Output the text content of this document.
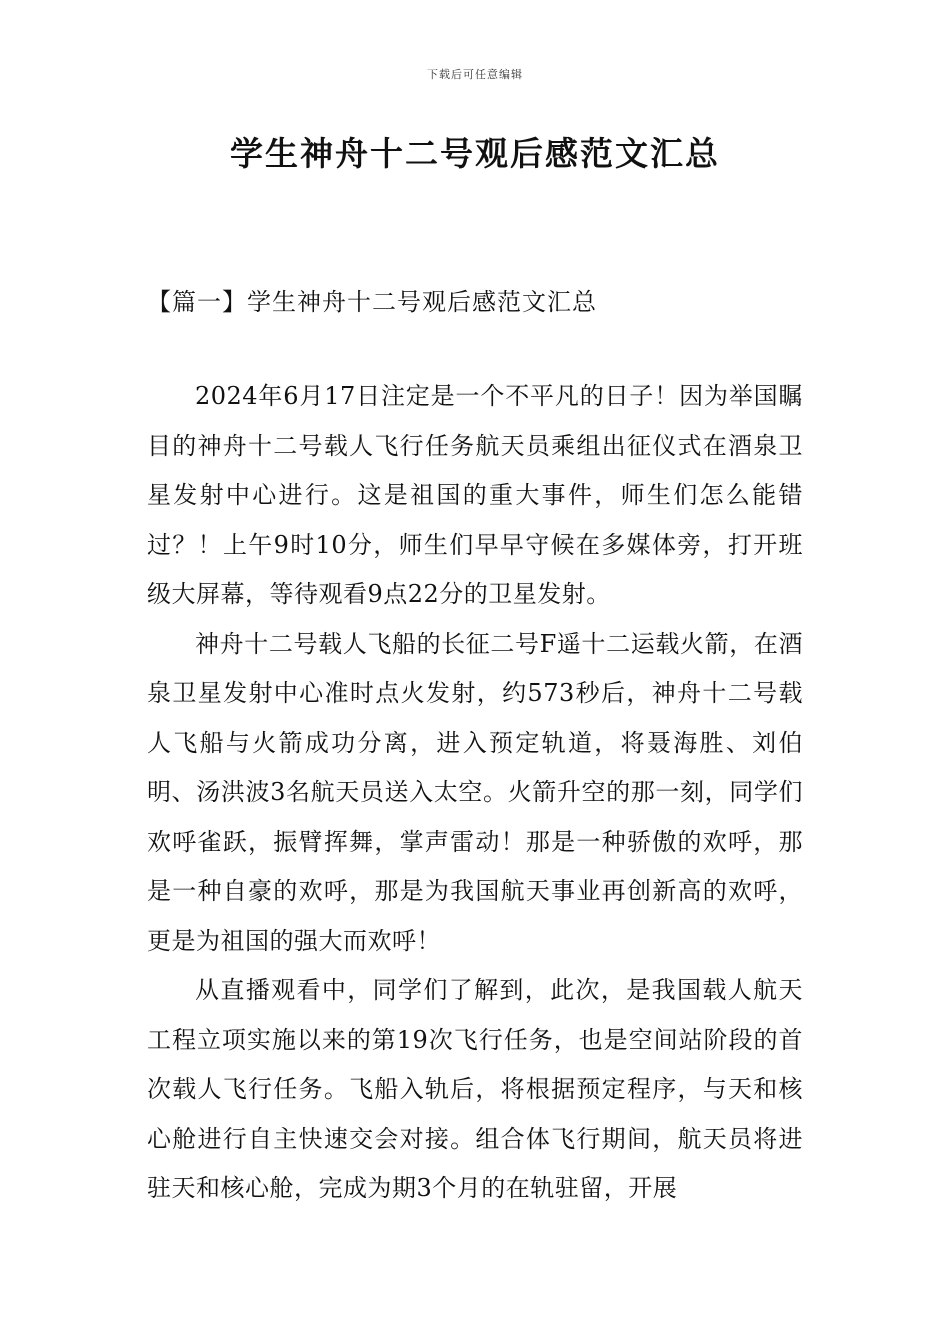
下载后可任意编辑
学生神舟十二号观后感范文汇总
【篇一】学生神舟十二号观后感范文汇总

2024年6月17日注定是一个不平凡的日子！因为举国瞩目的神舟十二号载人飞行任务航天员乘组出征仪式在酒泉卫星发射中心进行。这是祖国的重大事件，师生们怎么能错过？！上午9时10分，师生们早早守候在多媒体旁，打开班级大屏幕，等待观看9点22分的卫星发射。

神舟十二号载人飞船的长征二号F遥十二运载火箭，在酒泉卫星发射中心准时点火发射，约573秒后，神舟十二号载人飞船与火箭成功分离，进入预定轨道，将聂海胜、刘伯明、汤洪波3名航天员送入太空。火箭升空的那一刻，同学们欢呼雀跃，振臂挥舞，掌声雷动！那是一种骄傲的欢呼，那是一种自豪的欢呼，那是为我国航天事业再创新高的欢呼，更是为祖国的强大而欢呼！

从直播观看中，同学们了解到，此次，是我国载人航天工程立项实施以来的第19次飞行任务，也是空间站阶段的首次载人飞行任务。飞船入轨后，将根据预定程序，与天和核心舱进行自主快速交会对接。组合体飞行期间，航天员将进驻天和核心舱，完成为期3个月的在轨驻留，开展
